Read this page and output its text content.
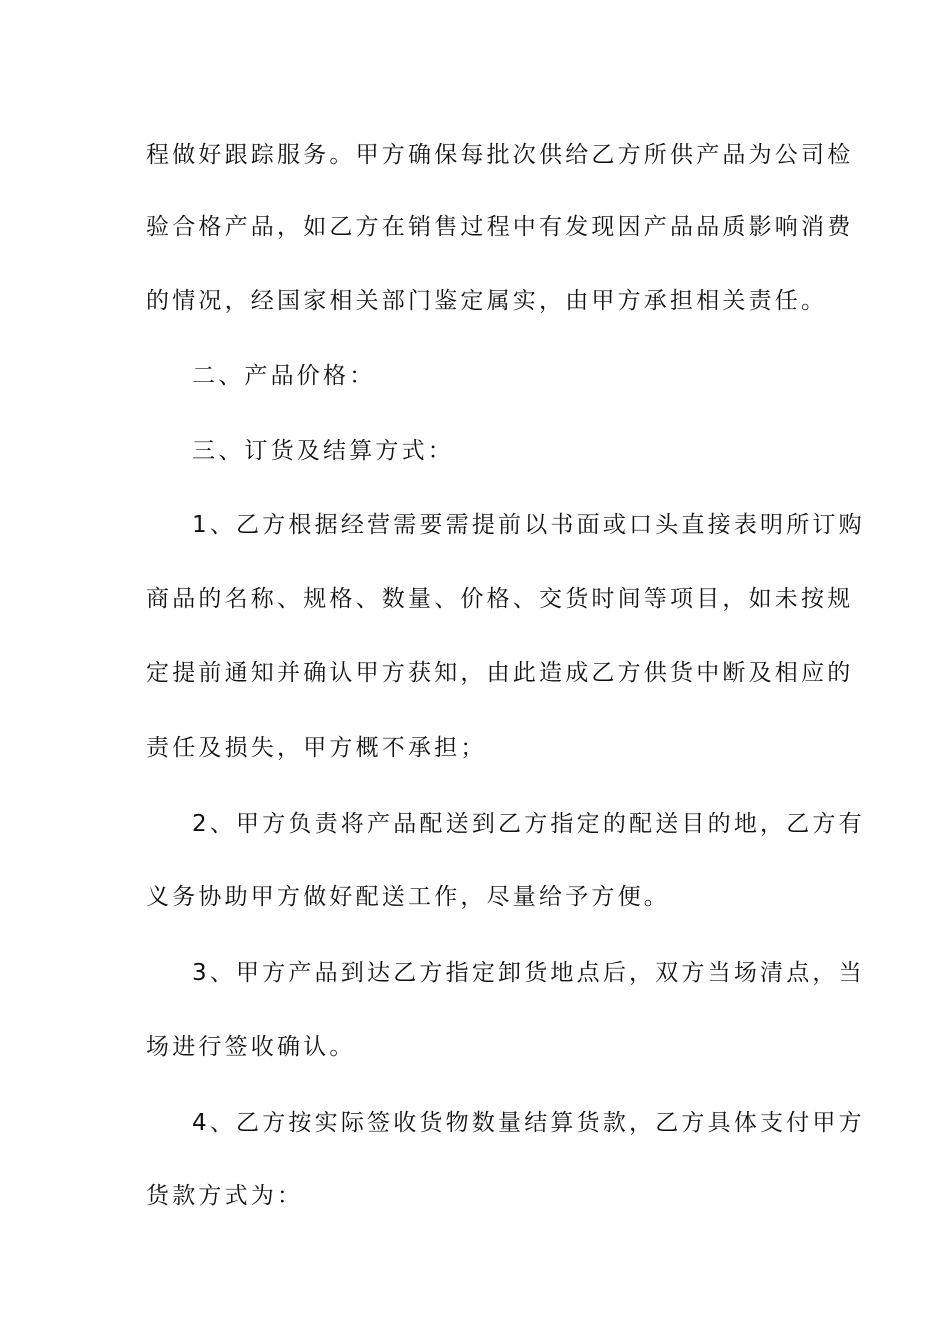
程做好跟踪服务。甲方确保每批次供给乙方所供产品为公司检
验合格产品，如乙方在销售过程中有发现因产品品质影响消费
的情况，经国家相关部门鉴定属实，由甲方承担相关责任。
二、产品价格：
三、订货及结算方式：
1、乙方根据经营需要需提前以书面或口头直接表明所订购
商品的名称、规格、数量、价格、交货时间等项目，如未按规
定提前通知并确认甲方获知，由此造成乙方供货中断及相应的
责任及损失，甲方概不承担；
2、甲方负责将产品配送到乙方指定的配送目的地，乙方有
义务协助甲方做好配送工作，尽量给予方便。
3、甲方产品到达乙方指定卸货地点后，双方当场清点，当
场进行签收确认。
4、乙方按实际签收货物数量结算货款，乙方具体支付甲方
货款方式为：
